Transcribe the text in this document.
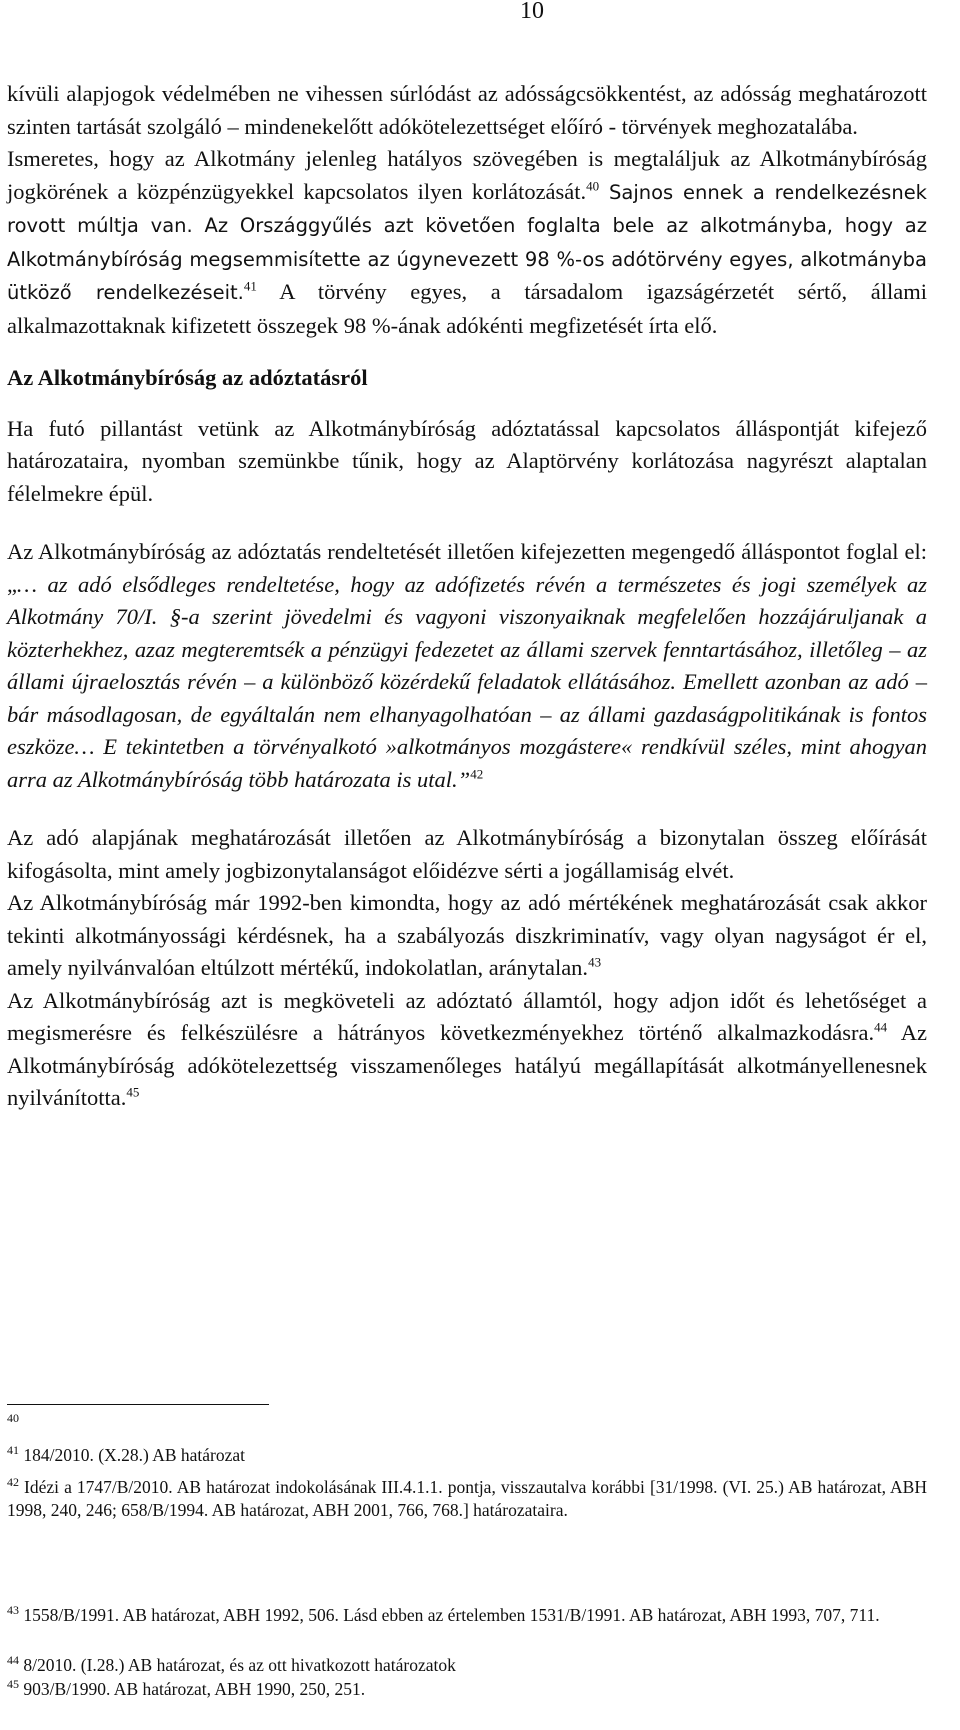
10

kívüli alapjogok védelmében ne vihessen súrlódást az adósságcsökkentést, az adósság meghatározott szinten tartását szolgáló – mindenekelőtt adókötelezettséget előíró - törvények meghozatalába.

Ismeretes, hogy az Alkotmány jelenleg hatályos szövegében is megtaláljuk az Alkotmánybíróság jogkörének a közpénzügyekkel kapcsolatos ilyen korlátozását.$^{40}$ Sajnos ennek a rendelkezésnek rovott múltja van. Az Országgyűlés azt követően foglalta bele az alkotmányba, hogy az Alkotmánybíróság megsemmisítette az úgynevezett 98 %-os adótörvény egyes, alkotmányba ütköző rendelkezéseit.$^{41}$ A törvény egyes, a társadalom igazságérzetét sértő, állami alkalmazottaknak kifizetett összegek 98 %-ának adókénti megfizetését írta elő.

Az Alkotmánybíróság az adóztatásról

Ha futó pillantást vetünk az Alkotmánybíróság adóztatással kapcsolatos álláspontját kifejező határozataira, nyomban szemünkbe tűnik, hogy az Alaptörvény korlátozása nagyrészt alaptalan félelmekre épül.

Az Alkotmánybíróság az adóztatás rendeltetését illetően kifejezetten megengedő álláspontot foglal el: „… az adó elsődleges rendeltetése, hogy az adófizetés révén a természetes és jogi személyek az Alkotmány 70/I. §-a szerint jövedelmi és vagyoni viszonyaiknak megfelelően hozzájáruljanak a közterhekhez, azaz megteremtsék a pénzügyi fedezetet az állami szervek fenntartásához, illetőleg – az állami újraelosztás révén – a különböző közérdekű feladatok ellátásához. Emellett azonban az adó – bár másodlagosan, de egyáltalán nem elhanyagolhatóan – az állami gazdaságpolitikának is fontos eszköze… E tekintetben a törvényalkotó »alkotmányos mozgástere« rendkívül széles, mint ahogyan arra az Alkotmánybíróság több határozata is utal.”$^{42}$

Az adó alapjának meghatározását illetően az Alkotmánybíróság a bizonytalan összeg előírását kifogásolta, mint amely jogbizonytalanságot előidézve sérti a jogállamiság elvét.

Az Alkotmánybíróság már 1992-ben kimondta, hogy az adó mértékének meghatározását csak akkor tekinti alkotmányossági kérdésnek, ha a szabályozás diszkriminatív, vagy olyan nagyságot ér el, amely nyilvánvalóan eltúlzott mértékű, indokolatlan, aránytalan.$^{43}$

Az Alkotmánybíróság azt is megköveteli az adóztató államtól, hogy adjon időt és lehetőséget a megismerésre és felkészülésre a hátrányos következményekhez történő alkalmazkodásra.$^{44}$ Az Alkotmánybíróság adókötelezettség visszamenőleges hatályú megállapítását alkotmányellenesnek nyilvánította.$^{45}$

$^{40}$

$^{41}$ 184/2010. (X.28.) AB határozat

$^{42}$ Idézi a 1747/B/2010. AB határozat indokolásának III.4.1.1. pontja, visszautalva korábbi [31/1998. (VI. 25.) AB határozat, ABH 1998, 240, 246; 658/B/1994. AB határozat, ABH 2001, 766, 768.] határozataira.

$^{43}$ 1558/B/1991. AB határozat, ABH 1992, 506. Lásd ebben az értelemben 1531/B/1991. AB határozat, ABH 1993, 707, 711.

$^{44}$ 8/2010. (I.28.) AB határozat, és az ott hivatkozott határozatok

$^{45}$ 903/B/1990. AB határozat, ABH 1990, 250, 251.
